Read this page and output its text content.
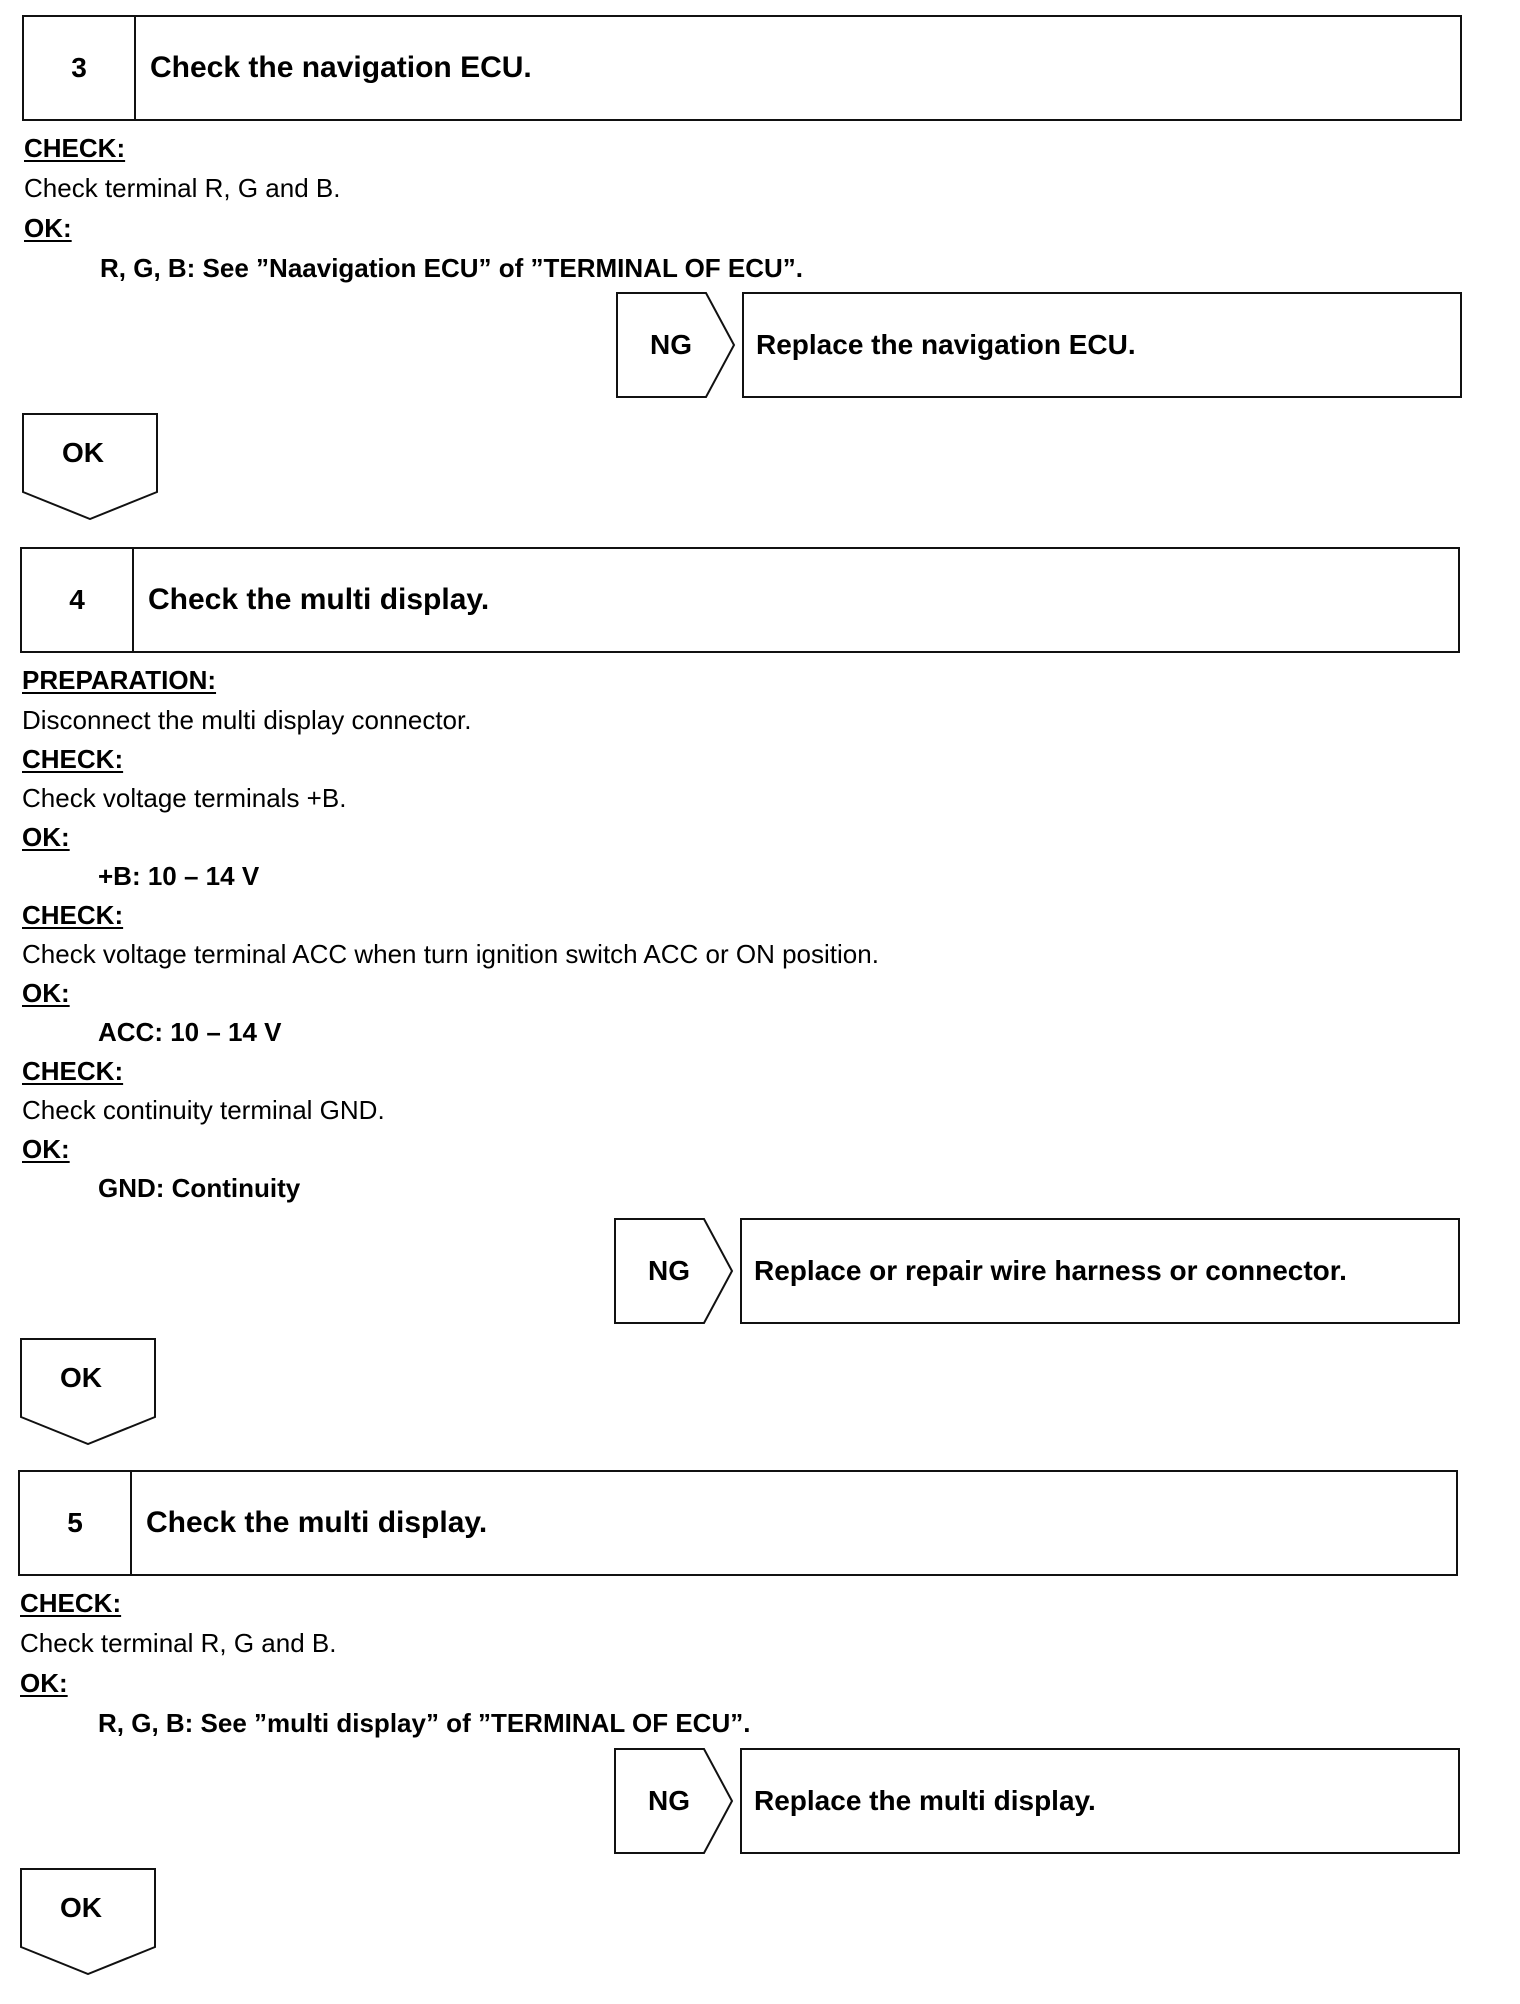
3	Check the navigation ECU.
CHECK:
Check terminal R, G and B.
OK:
R, G, B: See ”Naavigation ECU” of ”TERMINAL OF ECU”.
NG	Replace the navigation ECU.
OK
4	Check the multi display.
PREPARATION:
Disconnect the multi display connector.
CHECK:
Check voltage terminals +B.
OK:
+B: 10 – 14 V
CHECK:
Check voltage terminal ACC when turn ignition switch ACC or ON position.
OK:
ACC: 10 – 14 V
CHECK:
Check continuity terminal GND.
OK:
GND: Continuity
NG	Replace or repair wire harness or connector.
OK
5	Check the multi display.
CHECK:
Check terminal R, G and B.
OK:
R, G, B: See ”multi display” of ”TERMINAL OF ECU”.
NG	Replace the multi display.
OK
